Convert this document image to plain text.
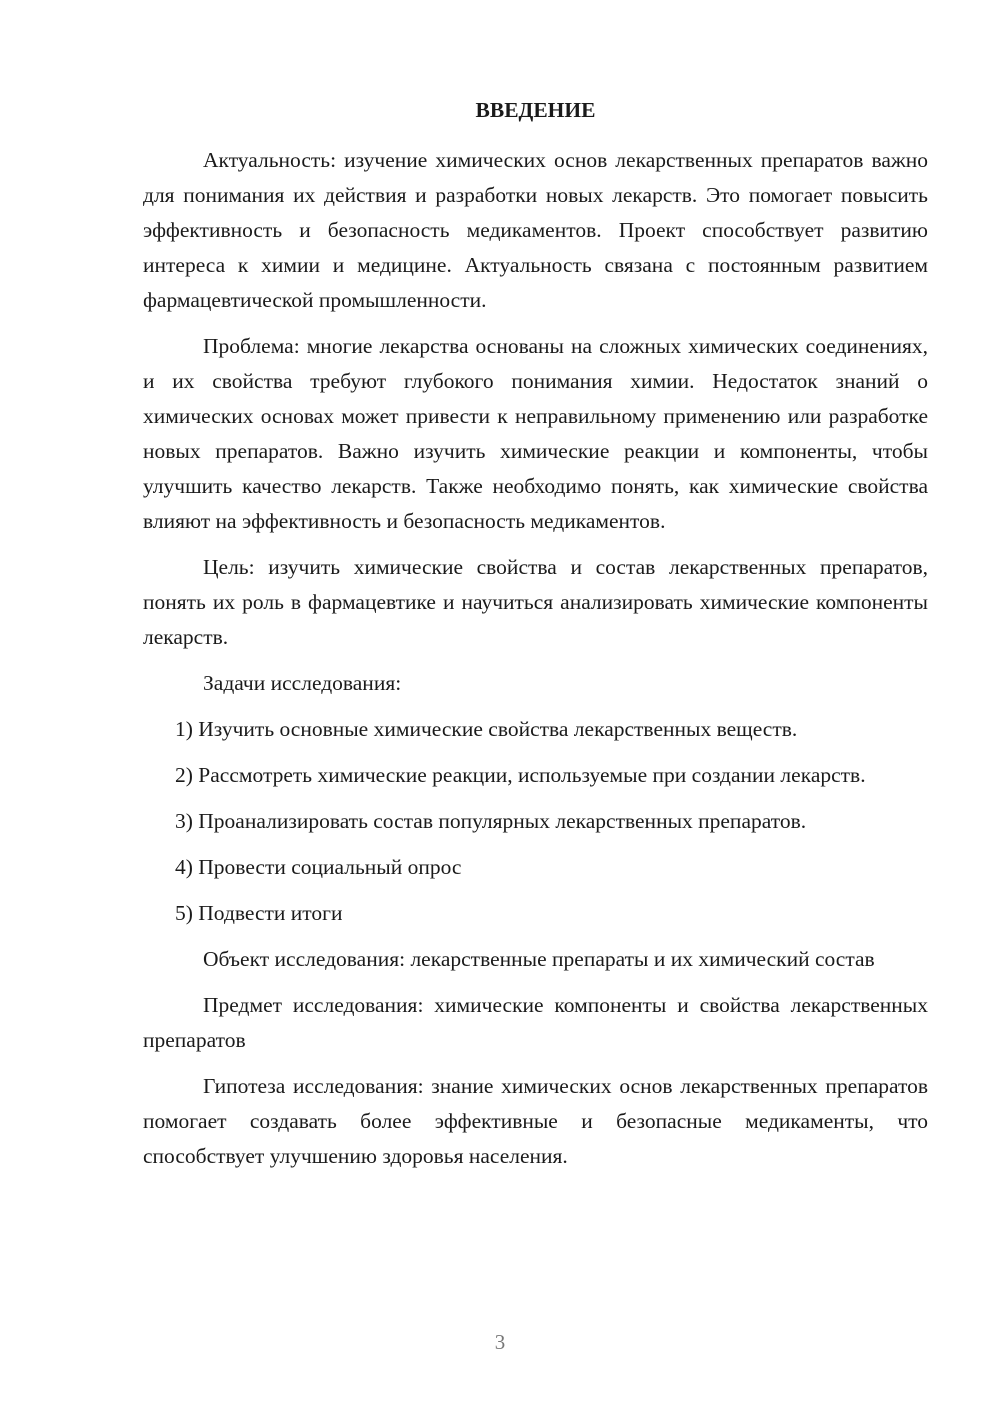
ВВЕДЕНИЕ

Актуальность: изучение химических основ лекарственных препаратов важно для понимания их действия и разработки новых лекарств. Это помогает повысить эффективность и безопасность медикаментов. Проект способствует развитию интереса к химии и медицине. Актуальность связана с постоянным развитием фармацевтической промышленности.

Проблема: многие лекарства основаны на сложных химических соединениях, и их свойства требуют глубокого понимания химии. Недостаток знаний о химических основах может привести к неправильному применению или разработке новых препаратов. Важно изучить химические реакции и компоненты, чтобы улучшить качество лекарств. Также необходимо понять, как химические свойства влияют на эффективность и безопасность медикаментов.

Цель: изучить химические свойства и состав лекарственных препаратов, понять их роль в фармацевтике и научиться анализировать химические компоненты лекарств.

Задачи исследования:

1) Изучить основные химические свойства лекарственных веществ.
2) Рассмотреть химические реакции, используемые при создании лекарств.
3) Проанализировать состав популярных лекарственных препаратов.
4) Провести социальный опрос
5) Подвести итоги

Объект исследования: лекарственные препараты и их химический состав

Предмет исследования: химические компоненты и свойства лекарственных препаратов

Гипотеза исследования: знание химических основ лекарственных препаратов помогает создавать более эффективные и безопасные медикаменты, что способствует улучшению здоровья населения.

3
